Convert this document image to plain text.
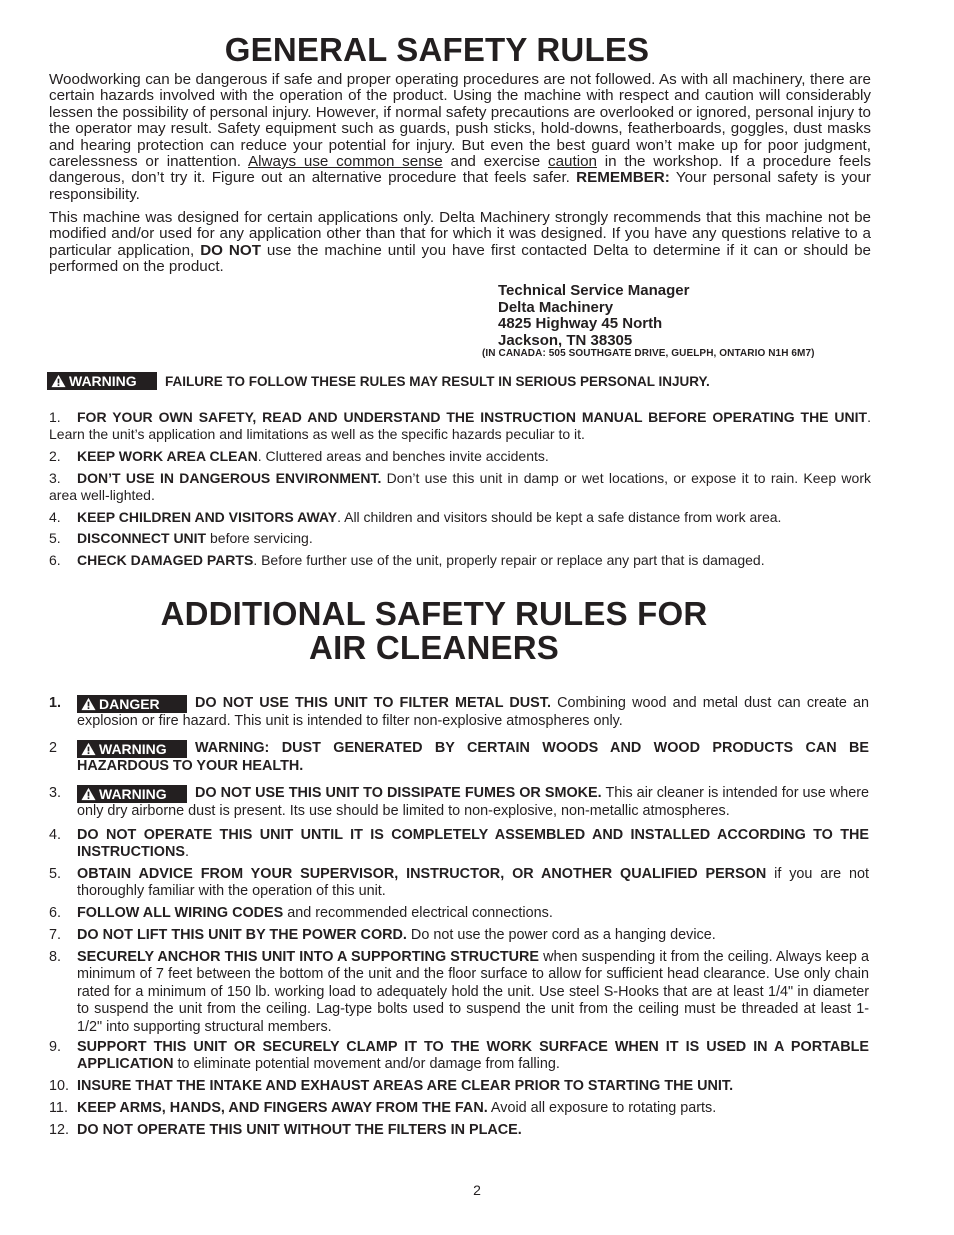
GENERAL SAFETY RULES

Woodworking can be dangerous if safe and proper operating procedures are not followed. As with all machinery, there are certain hazards involved with the operation of the product. Using the machine with respect and caution will considerably lessen the possibility of personal injury. However, if normal safety precautions are overlooked or ignored, personal injury to the operator may result. Safety equipment such as guards, push sticks, hold-downs, featherboards, goggles, dust masks and hearing protection can reduce your potential for injury. But even the best guard won’t make up for poor judgment, carelessness or inattention. Always use common sense and exercise caution in the workshop. If a procedure feels dangerous, don’t try it. Figure out an alternative procedure that feels safer. REMEMBER: Your personal safety is your responsibility.

This machine was designed for certain applications only. Delta Machinery strongly recommends that this machine not be modified and/or used for any application other than that for which it was designed. If you have any questions relative to a particular application, DO NOT use the machine until you have first contacted Delta to determine if it can or should be performed on the product.

Technical Service Manager
Delta Machinery
4825 Highway 45 North
Jackson, TN 38305
(IN CANADA: 505 SOUTHGATE DRIVE, GUELPH, ONTARIO N1H 6M7)
WARNING FAILURE TO FOLLOW THESE RULES MAY RESULT IN SERIOUS PERSONAL INJURY.

1. FOR YOUR OWN SAFETY, READ AND UNDERSTAND THE INSTRUCTION MANUAL BEFORE OPERATING THE UNIT. Learn the unit’s application and limitations as well as the specific hazards peculiar to it.

2. KEEP WORK AREA CLEAN. Cluttered areas and benches invite accidents.

3. DON’T USE IN DANGEROUS ENVIRONMENT. Don’t use this unit in damp or wet locations, or expose it to rain. Keep work area well-lighted.

4. KEEP CHILDREN AND VISITORS AWAY. All children and visitors should be kept a safe distance from work area.

5. DISCONNECT UNIT before servicing.

6. CHECK DAMAGED PARTS. Before further use of the unit, properly repair or replace any part that is damaged.

ADDITIONAL SAFETY RULES FOR
AIR CLEANERS
1.	DANGER DO NOT USE THIS UNIT TO FILTER METAL DUST. Combining wood and metal dust can create an explosion or fire hazard. This unit is intended to filter non-explosive atmospheres only.
2	WARNING WARNING: DUST GENERATED BY CERTAIN WOODS AND WOOD PRODUCTS CAN BE HAZARDOUS TO YOUR HEALTH.
3.	WARNING DO NOT USE THIS UNIT TO DISSIPATE FUMES OR SMOKE. This air cleaner is intended for use where only dry airborne dust is present. Its use should be limited to non-explosive, non-metallic atmospheres.
4. DO NOT OPERATE THIS UNIT UNTIL IT IS COMPLETELY ASSEMBLED AND INSTALLED ACCORDING TO THE INSTRUCTIONS.
5. OBTAIN ADVICE FROM YOUR SUPERVISOR, INSTRUCTOR, OR ANOTHER QUALIFIED PERSON if you are not thoroughly familiar with the operation of this unit.
6. FOLLOW ALL WIRING CODES and recommended electrical connections.
7. DO NOT LIFT THIS UNIT BY THE POWER CORD. Do not use the power cord as a hanging device.
8. SECURELY ANCHOR THIS UNIT INTO A SUPPORTING STRUCTURE when suspending it from the ceiling. Always keep a minimum of 7 feet between the bottom of the unit and the floor surface to allow for sufficient head clearance. Use only chain rated for a minimum of 150 lb. working load to adequately hold the unit. Use steel S-Hooks that are at least 1/4" in diameter to suspend the unit from the ceiling. Lag-type bolts used to suspend the unit from the ceiling must be threaded at least 1-1/2" into supporting structural members.
9. SUPPORT THIS UNIT OR SECURELY CLAMP IT TO THE WORK SURFACE WHEN IT IS USED IN A PORTABLE APPLICATION to eliminate potential movement and/or damage from falling.
10. INSURE THAT THE INTAKE AND EXHAUST AREAS ARE CLEAR PRIOR TO STARTING THE UNIT.
11. KEEP ARMS, HANDS, AND FINGERS AWAY FROM THE FAN. Avoid all exposure to rotating parts.
12. DO NOT OPERATE THIS UNIT WITHOUT THE FILTERS IN PLACE.
2
